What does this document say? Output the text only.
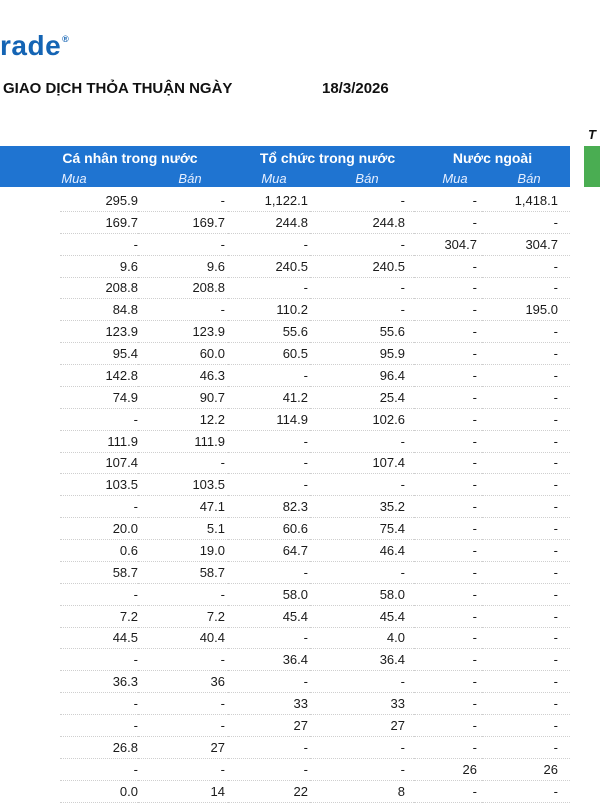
rade®
GIAO DỊCH THỎA THUẬN NGÀY	18/3/2026
T
Cá nhân trong nước	Tổ chức trong nước	Nước ngoài
Mua	Bán	Mua	Bán	Mua	Bán
	295.9	-	1,122.1	-	-	1,418.1
	169.7	169.7	244.8	244.8	-	-
	-	-	-	-	304.7	304.7
	9.6	9.6	240.5	240.5	-	-
	208.8	208.8	-	-	-	-
	84.8	-	110.2	-	-	195.0
	123.9	123.9	55.6	55.6	-	-
	95.4	60.0	60.5	95.9	-	-
	142.8	46.3	-	96.4	-	-
	74.9	90.7	41.2	25.4	-	-
	-	12.2	114.9	102.6	-	-
	111.9	111.9	-	-	-	-
	107.4	-	-	107.4	-	-
	103.5	103.5	-	-	-	-
	-	47.1	82.3	35.2	-	-
	20.0	5.1	60.6	75.4	-	-
	0.6	19.0	64.7	46.4	-	-
	58.7	58.7	-	-	-	-
	-	-	58.0	58.0	-	-
	7.2	7.2	45.4	45.4	-	-
	44.5	40.4	-	4.0	-	-
	-	-	36.4	36.4	-	-
	36.3	36	-	-	-	-
	-	-	33	33	-	-
	-	-	27	27	-	-
	26.8	27	-	-	-	-
	-	-	-	-	26	26
	0.0	14	22	8	-	-
